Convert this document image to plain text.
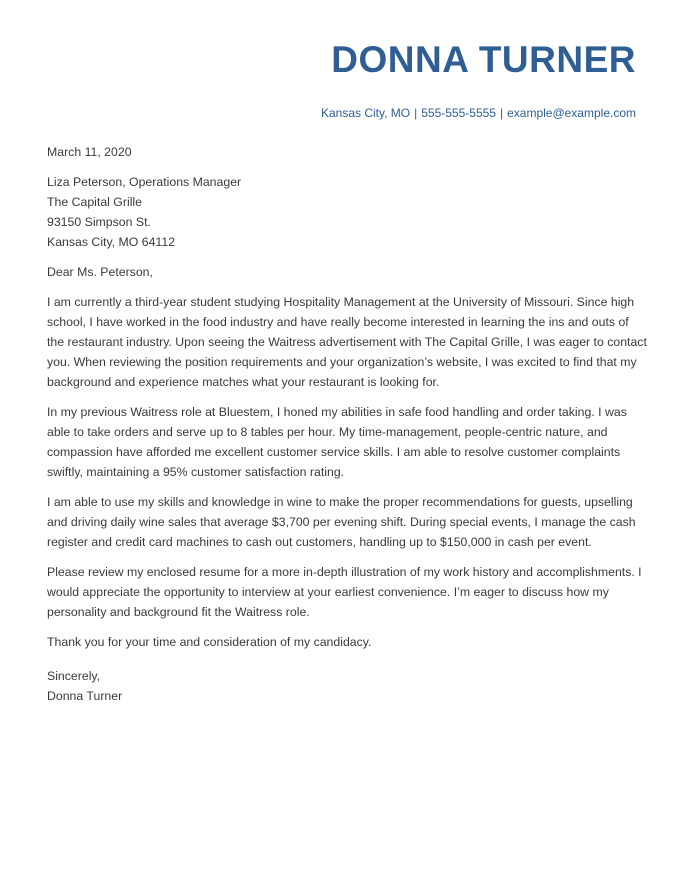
DONNA TURNER
Kansas City, MO | 555-555-5555 | example@example.com

March 11, 2020

Liza Peterson, Operations Manager
The Capital Grille
93150 Simpson St.
Kansas City, MO 64112

Dear Ms. Peterson,

I am currently a third-year student studying Hospitality Management at the University of Missouri. Since high school, I have worked in the food industry and have really become interested in learning the ins and outs of the restaurant industry. Upon seeing the Waitress advertisement with The Capital Grille, I was eager to contact you. When reviewing the position requirements and your organization’s website, I was excited to find that my background and experience matches what your restaurant is looking for.

In my previous Waitress role at Bluestem, I honed my abilities in safe food handling and order taking. I was able to take orders and serve up to 8 tables per hour. My time-management, people-centric nature, and compassion have afforded me excellent customer service skills. I am able to resolve customer complaints swiftly, maintaining a 95% customer satisfaction rating.

I am able to use my skills and knowledge in wine to make the proper recommendations for guests, upselling and driving daily wine sales that average $3,700 per evening shift. During special events, I manage the cash register and credit card machines to cash out customers, handling up to $150,000 in cash per event.

Please review my enclosed resume for a more in-depth illustration of my work history and accomplishments. I would appreciate the opportunity to interview at your earliest convenience. I’m eager to discuss how my personality and background fit the Waitress role.

Thank you for your time and consideration of my candidacy.

Sincerely,

Donna Turner
